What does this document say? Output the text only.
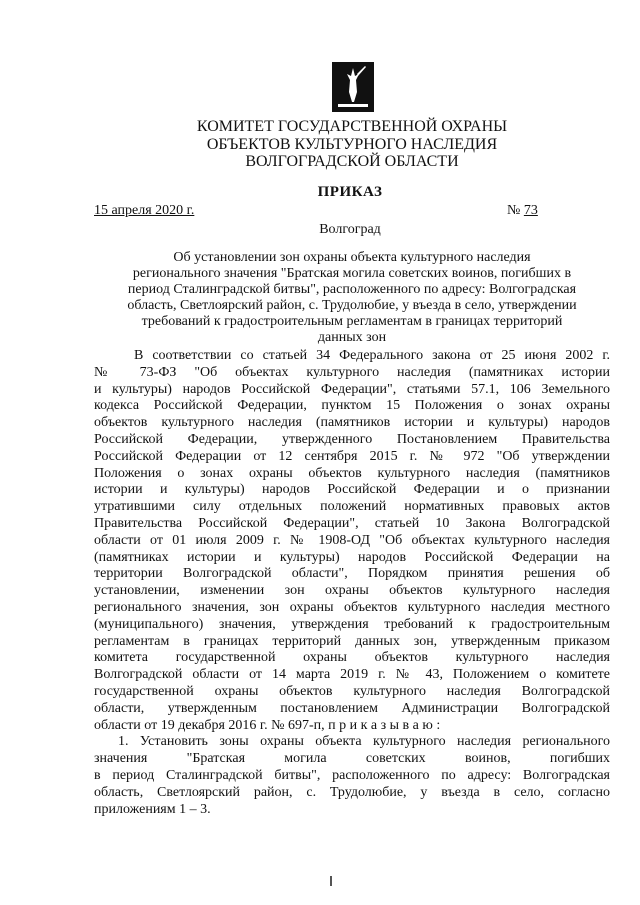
КОМИТЕТ ГОСУДАРСТВЕННОЙ ОХРАНЫ
ОБЪЕКТОВ КУЛЬТУРНОГО НАСЛЕДИЯ
ВОЛГОГРАДСКОЙ ОБЛАСТИ
ПРИКАЗ
15 апреля 2020 г.	№ 73
Волгоград
Об установлении зон охраны объекта культурного наследия
регионального значения "Братская могила советских воинов, погибших в
период Сталинградской битвы", расположенного по адресу: Волгоградская
область, Светлоярский район, с. Трудолюбие, у въезда в село, утверждении
требований к градостроительным регламентам в границах территорий
данных зон
В соответствии со статьей 34 Федерального закона от 25 июня 2002 г.
№ 73-ФЗ "Об объектах культурного наследия (памятниках истории
и культуры) народов Российской Федерации", статьями 57.1, 106 Земельного
кодекса Российской Федерации, пунктом 15 Положения о зонах охраны
объектов культурного наследия (памятников истории и культуры) народов
Российской Федерации, утвержденного Постановлением Правительства
Российской Федерации от 12 сентября 2015 г. № 972 "Об утверждении
Положения о зонах охраны объектов культурного наследия (памятников
истории и культуры) народов Российской Федерации и о признании
утратившими силу отдельных положений нормативных правовых актов
Правительства Российской Федерации", статьей 10 Закона Волгоградской
области от 01 июля 2009 г. № 1908-ОД "Об объектах культурного наследия
(памятниках истории и культуры) народов Российской Федерации на
территории Волгоградской области", Порядком принятия решения об
установлении, изменении зон охраны объектов культурного наследия
регионального значения, зон охраны объектов культурного наследия местного
(муниципального) значения, утверждения требований к градостроительным
регламентам в границах территорий данных зон, утвержденным приказом
комитета государственной охраны объектов культурного наследия
Волгоградской области от 14 марта 2019 г. № 43, Положением о комитете
государственной охраны объектов культурного наследия Волгоградской
области, утвержденным постановлением Администрации Волгоградской
области от 19 декабря 2016 г. № 697-п, п р и к а з ы в а ю :
1. Установить зоны охраны объекта культурного наследия регионального
значения "Братская могила советских воинов, погибших
в период Сталинградской битвы", расположенного по адресу: Волгоградская
область, Светлоярский район, с. Трудолюбие, у въезда в село, согласно
приложениям 1 – 3.
